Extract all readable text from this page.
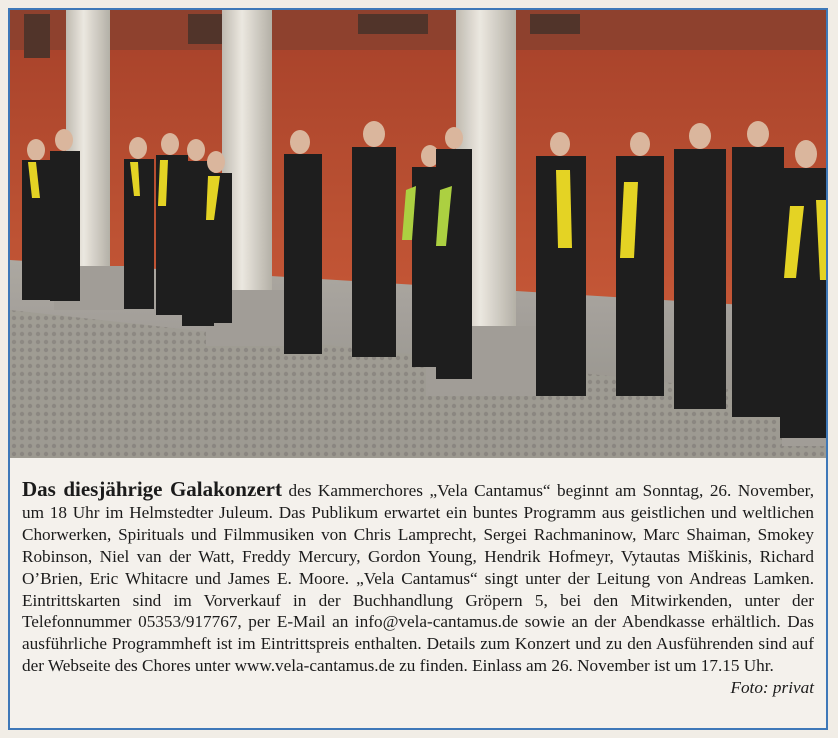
Das diesjährige Galakonzert des Kammerchores „Vela Cantamus“ beginnt am Sonntag, 26. November, um 18 Uhr im Helmstedter Juleum. Das Publikum erwartet ein buntes Programm aus geistlichen und weltlichen Chorwerken, Spirituals und Filmmusiken von Chris Lamprecht, Sergei Rachmaninow, Marc Shaiman, Smokey Robinson, Niel van der Watt, Freddy Mercury, Gordon Young, Hendrik Hofmeyr, Vytautas Miškinis, Richard O’Brien, Eric Whitacre und James E. Moore. „Vela Cantamus“ singt unter der Leitung von Andreas Lamken. Eintrittskarten sind im Vorverkauf in der Buchhandlung Gröpern 5, bei den Mitwirkenden, unter der Telefonnummer 05353/917767, per E-Mail an info@vela-cantamus.de sowie an der Abendkasse erhältlich. Das ausführliche Programmheft ist im Eintrittspreis enthalten. Details zum Konzert und zu den Ausführenden sind auf der Webseite des Chores unter www.vela-cantamus.de zu finden. Einlass am 26. November ist um 17.15 Uhr.
Foto: privat
